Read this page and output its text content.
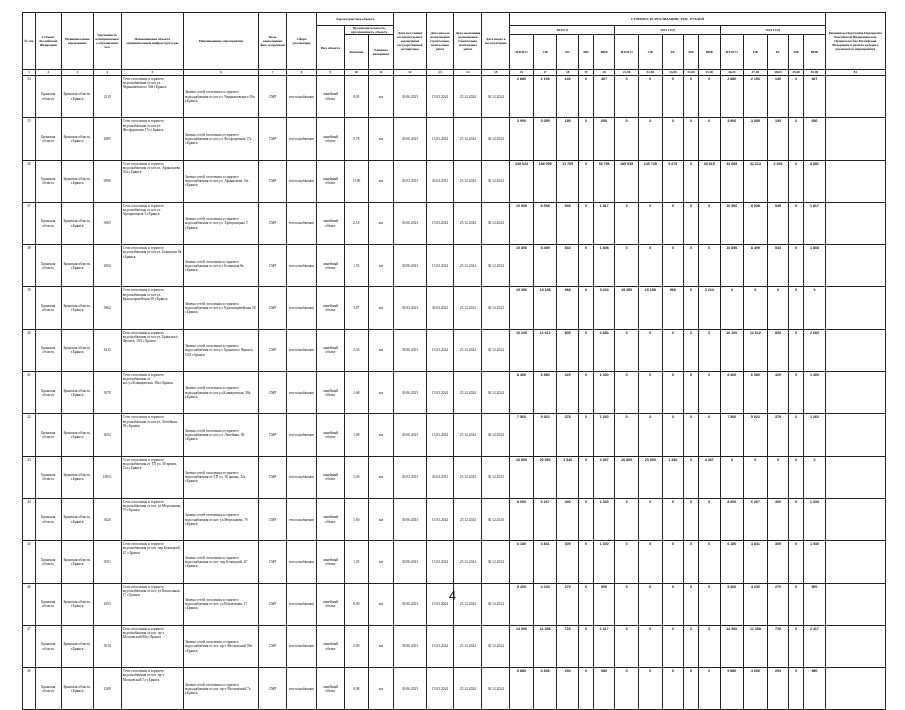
№ п/п	Субъект Российской Федерации	Муниципальное образование	Численность муниципального образования, чел.	Наименование объекта муниципальной инфраструктуры	Наименование мероприятия	Цель выполнения фин. поддержки	Сфера реализации	Характеристика объекта			Дата получения положительного заключения государственной экспертизы	Дата начала выполнения строительно-монтажных работ	Дата окончания выполнения строительно-монтажных работ	Дата ввода в эксплуатацию	СТОИМОСТЬ РЕАЛИЗАЦИИ, ТЫС. РУБЛЕЙ															Реквизиты Поручения Президента Российской Федерации или Правительства Российской Федерации в рамках которого реализуется мероприятия
								Вид объекта	Производительность, протяженность объекта						ВСЕГО					2023 ГОД					2024 ГОД					
									Значение	Единица измерения					ИТОГО	СФ	БС	МБ	ВНБ	ИТОГО	СФ	БС	МБ	ВНБ	ИТОГО	СФ	БС	МБ	ВНБ	
1	2	3	4	5	6	7	8	9	10	11	12	13	14	15	16	17	18	19	20	21,00	32,00	33,00	34,00	35,00	46,00	47,00	48,00	49,00	50,00	81
34	Брянская область	Брянская область, г.Брянск	2110	Сети отопления и горячего водоснабжения от кот.ул. Чернышевского 50в г.Брянск	Замена сетей отопления и горячего водоснабжения от кот.ул. Чернышевского 50в г.Брянск	СМР	теплоснабжение	линейный объект	0,95	км	30.06.2023	15.03.2024	25.12.2024	30.12.2024	2 880	2 193	140	0	467	0	0	0	0	0	2 880	2 193	140	0	467	
35	Брянская область	Брянская область, г.Брянск	2685	Сети отопления и горячего водоснабжения от кот.ул. Фосфоритная 17а г.Брянск	Замена сетей отопления и горячего водоснабжения от кот.ул. Фосфоритная 17а г.Брянск	СМР	теплоснабжение	линейный объект	0,78	км	30.06.2023	15.03.2024	25.12.2024	30.12.2024	3 900	3 055	195	0	650	0	0	0	0	0	3 900	3 055	195	0	650	
36	Брянская область	Брянская область, г.Брянск	6996	Сети отопления и горячего водоснабжения от кот.ул. Афанасьева 10а г.Брянск	Замена сетей отопления и горячего водоснабжения от кот.ул. Афанасьева 10а г.Брянск	СМР	теплоснабжение	линейный объект	13,00	км	30.03.2023	30.04.2023	25.12.2024	30.12.2024	239 624	188 059	11 769	0	39 796	185 935	145 745	9 275	0	30 915	53 689	42 314	2 494	0	8 881	
37	Брянская область	Брянская область, г.Брянск	3065	Сети отопления и горячего водоснабжения от кот.ул. Хрещатицкая 5 г.Брянск	Замена сетей отопления и горячего водоснабжения от кот.ул. Хрещатицкая 5 г.Брянск	СМР	теплоснабжение	линейный объект	2,18	км	30.06.2023	15.03.2024	25.12.2024	30.12.2024	10 900	8 538	545	0	1 817	0	0	0	0	0	10 900	8 538	545	0	1 817	
38	Брянская область	Брянская область, г.Брянск	2000	Сети отопления и горячего водоснабжения от кот.ул. Бежицкая 8в г.Брянск	Замена сетей отопления и горячего водоснабжения от кот.ул. Бежицкая 8в г.Брянск	СМР	теплоснабжение	линейный объект	1,53	км	30.06.2023	15.03.2024	25.12.2024	30.12.2024	10 850	8 499	543	0	1 808	0	0	0	0	0	10 850	8 499	543	0	1 808	
39	Брянская область	Брянская область, г.Брянск	3862	Сети отопления и горячего водоснабжения от кот.ул. Красноармейская 58 г.Брянск	Замена сетей отопления и горячего водоснабжения от кот.ул. Красноармейская 58 г.Брянск	СМР	теплоснабжение	линейный объект	3,87	км	30.03.2023	30.04.2023	25.12.2023	30.12.2023	19 350	15 158	968	0	3 224	19 350	15 158	968	0	3 224	0	0	0	0	0	
40	Брянская область	Брянская область, г.Брянск	4415	Сети отопления и горячего водоснабжения от кот.ул. Брянского Фронта, 10/2 г.Брянск	Замена сетей отопления и горячего водоснабжения от кот.ул. Брянского Фронта, 10/2 г.Брянск	СМР	теплоснабжение	линейный объект	2,30	км	30.06.2023	15.03.2024	25.12.2024	30.12.2024	16 100	12 612	805	0	2 683	0	0	0	0	0	16 100	12 612	805	0	2 683	
41	Брянская область	Брянская область, г.Брянск	3070	Сети отопления и горячего водоснабжения от кот.ул.Клинцовская, 38а г.Брянск	Замена сетей отопления и горячего водоснабжения от кот.ул.Клинцовская, 38а г.Брянск	СМР	теплоснабжение	линейный объект	1,68	км	30.06.2023	15.03.2024	25.12.2024	30.12.2024	8 400	6 580	420	0	1 400	0	0	0	0	0	8 400	6 580	420	0	1 400	
42	Брянская область	Брянская область, г.Брянск	3052	Сети отопления и горячего водоснабжения от кот.ул. Литейная, 58 г.Брянск	Замена сетей отопления и горячего водоснабжения от кот.ул. Литейная, 58 г.Брянск	СМР	теплоснабжение	линейный объект	1,08	км	30.06.2023	15.03.2024	25.12.2024	30.12.2024	7 560	5 922	378	0	1 260	0	0	0	0	0	7 560	5 922	378	0	1 260	
43	Брянская область	Брянская область, г.Брянск	10051	Сети отопления и горячего водоснабжения от ТП ул. 50 армии, 12а г.Брянск	Замена сетей отопления и горячего водоснабжения от ТП ул. 50 армии, 12а г.Брянск	СМР	теплоснабжение	линейный объект	5,36	км	30.03.2023	30.04.2023	25.12.2023	30.12.2023	26 800	20 993	1 340	0	4 467	26 800	20 993	1 340	0	4 467	0	0	0	0	0	
44	Брянская область	Брянская область, г.Брянск	3620	Сети отопления и горячего водоснабжения от кот. ул.Мерзлякова, 7б г.Брянск	Замена сетей отопления и горячего водоснабжения от кот. ул.Мерзлякова, 7б г.Брянск	СМР	теплоснабжение	линейный объект	1,60	км	30.06.2023	15.03.2024	25.12.2024	30.12.2024	8 000	6 267	400	0	1 333	0	0	0	0	0	8 000	6 267	400	0	1 333	
45	Брянская область	Брянская область, г.Брянск	3051	Сети отопления и горячего водоснабжения от кот. пер.Бежицкий, 2Г г.Брянск	Замена сетей отопления и горячего водоснабжения от кот. пер.Бежицкий, 2Г г.Брянск	СМР	теплоснабжение	линейный объект	1,03	км	30.06.2023	15.03.2024	25.12.2024	30.12.2024	6 180	4 841	309	0	1 030	0	0	0	0	0	6 180	4 841	309	0	1 030	
46	Брянская область	Брянская область, г.Брянск	2955	Сети отопления и горячего водоснабжения от кот. ул.Вокзальная, 17 г.Брянск	Замена сетей отопления и горячего водоснабжения от кот. ул.Вокзальная, 17 г.Брянск	СМР	теплоснабжение	линейный объект	0,90	км	30.06.2023	15.03.2024	25.12.2024	30.12.2024	5 400	4 230	270	0	900	0	0	0	0	0	5 400	4 230	270	0	900	
47	Брянская область	Брянская область, г.Брянск	5010	Сети отопления и горячего водоснабжения от кот. пр-т Московский 86е г.Брянск	Замена сетей отопления и горячего водоснабжения от кот. пр-т Московский 86е г.Брянск	СМР	теплоснабжение	линейный объект	2,90	км	30.06.2023	15.03.2024	25.12.2024	30.12.2024	14 500	11 358	725	0	2 417	0	0	0	0	0	14 500	11 358	725	0	2 417	
48	Брянская область	Брянская область, г.Брянск	2108	Сети отопления и горячего водоснабжения от кот. пр-т Московский 7а г.Брянск	Замена сетей отопления и горячего водоснабжения от кот. пр-т Московский 7а г.Брянск	СМР	теплоснабжение	линейный объект	0,98	км	30.06.2023	15.03.2024	25.12.2024	30.12.2024	5 880	4 606	294	0	980	0	0	0	0	0	5 880	4 606	294	0	980	
4
